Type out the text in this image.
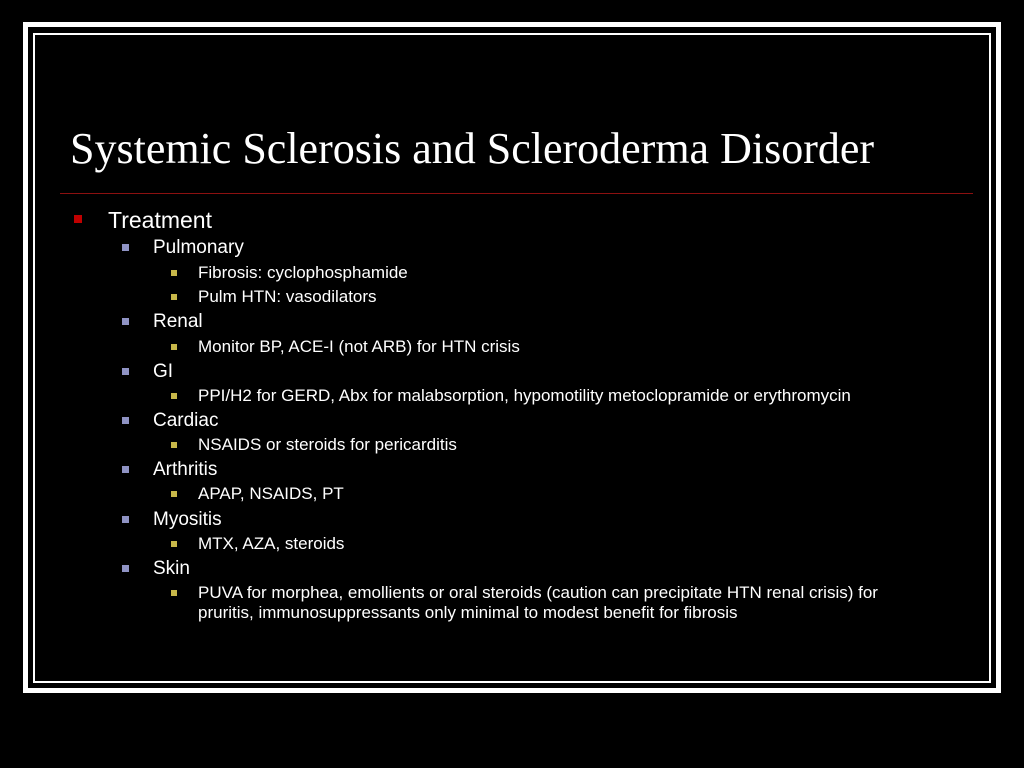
Systemic Sclerosis and Scleroderma Disorder
Treatment
Pulmonary
Fibrosis: cyclophosphamide
Pulm HTN: vasodilators
Renal
Monitor BP, ACE-I (not ARB) for HTN crisis
GI
PPI/H2 for GERD, Abx for malabsorption, hypomotility metoclopramide or erythromycin
Cardiac
NSAIDS or steroids for pericarditis
Arthritis
APAP, NSAIDS, PT
Myositis
MTX, AZA, steroids
Skin
PUVA for morphea, emollients or oral steroids (caution can precipitate HTN renal crisis) for pruritis, immunosuppressants only minimal to modest benefit for fibrosis
